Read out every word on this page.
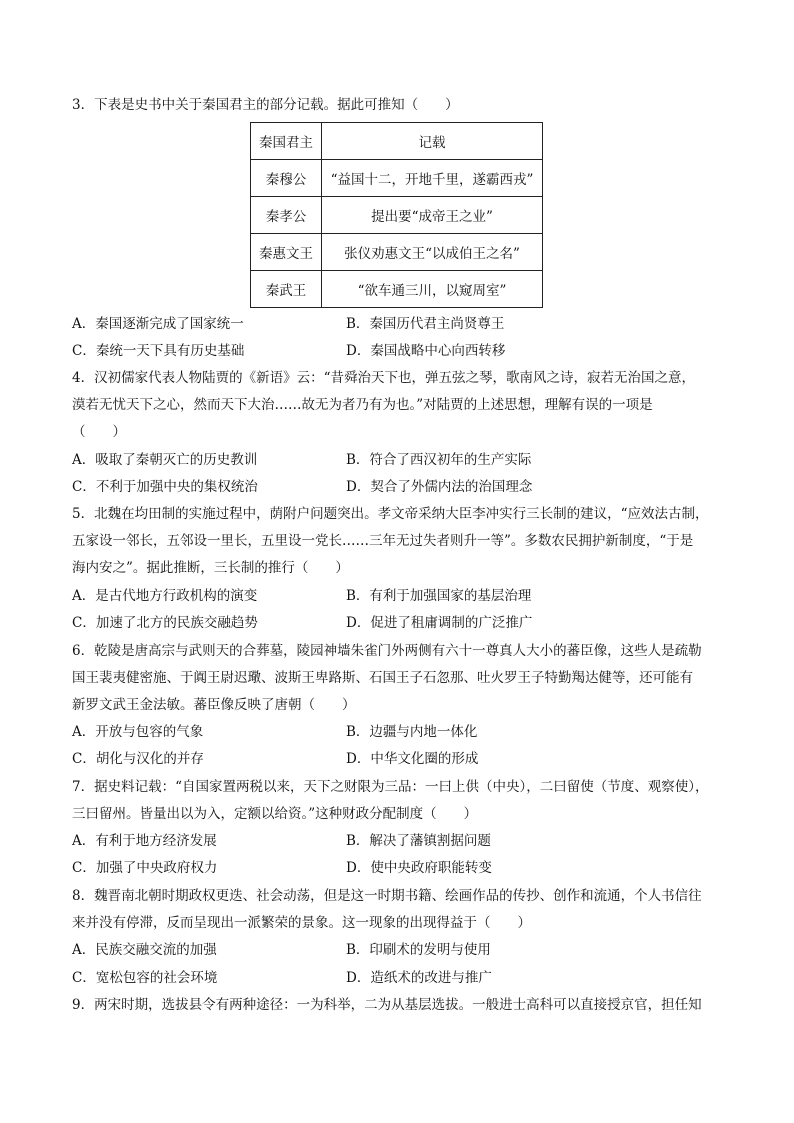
3．下表是史书中关于秦国君主的部分记载。据此可推知（　　）
秦国君主	记载
秦穆公	“益国十二，开地千里，遂霸西戎”
秦孝公	提出要“成帝王之业”
秦惠文王	张仪劝惠文王“以成伯王之名”
秦武王	“欲车通三川，以窥周室”
A．秦国逐渐完成了国家统一	B．秦国历代君主尚贤尊王
C．秦统一天下具有历史基础	D．秦国战略中心向西转移
4．汉初儒家代表人物陆贾的《新语》云：“昔舜治天下也，弹五弦之琴，歌南风之诗，寂若无治国之意，
漠若无忧天下之心，然而天下大治……故无为者乃有为也。”对陆贾的上述思想，理解有误的一项是
（　　）
A．吸取了秦朝灭亡的历史教训	B．符合了西汉初年的生产实际
C．不利于加强中央的集权统治	D．契合了外儒内法的治国理念
5．北魏在均田制的实施过程中，荫附户问题突出。孝文帝采纳大臣李冲实行三长制的建议，“应效法古制，
五家设一邻长，五邻设一里长，五里设一党长……三年无过失者则升一等”。多数农民拥护新制度，“于是
海内安之”。据此推断，三长制的推行（　　）
A．是古代地方行政机构的演变	B．有利于加强国家的基层治理
C．加速了北方的民族交融趋势	D．促进了租庸调制的广泛推广
6．乾陵是唐高宗与武则天的合葬墓，陵园神墙朱雀门外两侧有六十一尊真人大小的蕃臣像，这些人是疏勒
国王裴夷健密施、于阗王尉迟璥、波斯王卑路斯、石国王子石忽那、吐火罗王子特勤羯达健等，还可能有
新罗文武王金法敏。蕃臣像反映了唐朝（　　）
A．开放与包容的气象	B．边疆与内地一体化
C．胡化与汉化的并存	D．中华文化圈的形成
7．据史料记载：“自国家置两税以来，天下之财限为三品：一曰上供（中央），二曰留使（节度、观察使），
三曰留州。皆量出以为入，定额以给资。”这种财政分配制度（　　）
A．有利于地方经济发展	B．解决了藩镇割据问题
C．加强了中央政府权力	D．使中央政府职能转变
8．魏晋南北朝时期政权更迭、社会动荡，但是这一时期书籍、绘画作品的传抄、创作和流通，个人书信往
来并没有停滞，反而呈现出一派繁荣的景象。这一现象的出现得益于（　　）
A．民族交融交流的加强	B．印刷术的发明与使用
C．宽松包容的社会环境	D．造纸术的改进与推广
9．两宋时期，选拔县令有两种途径：一为科举，二为从基层选拔。一般进士高科可以直接授京官，担任知
